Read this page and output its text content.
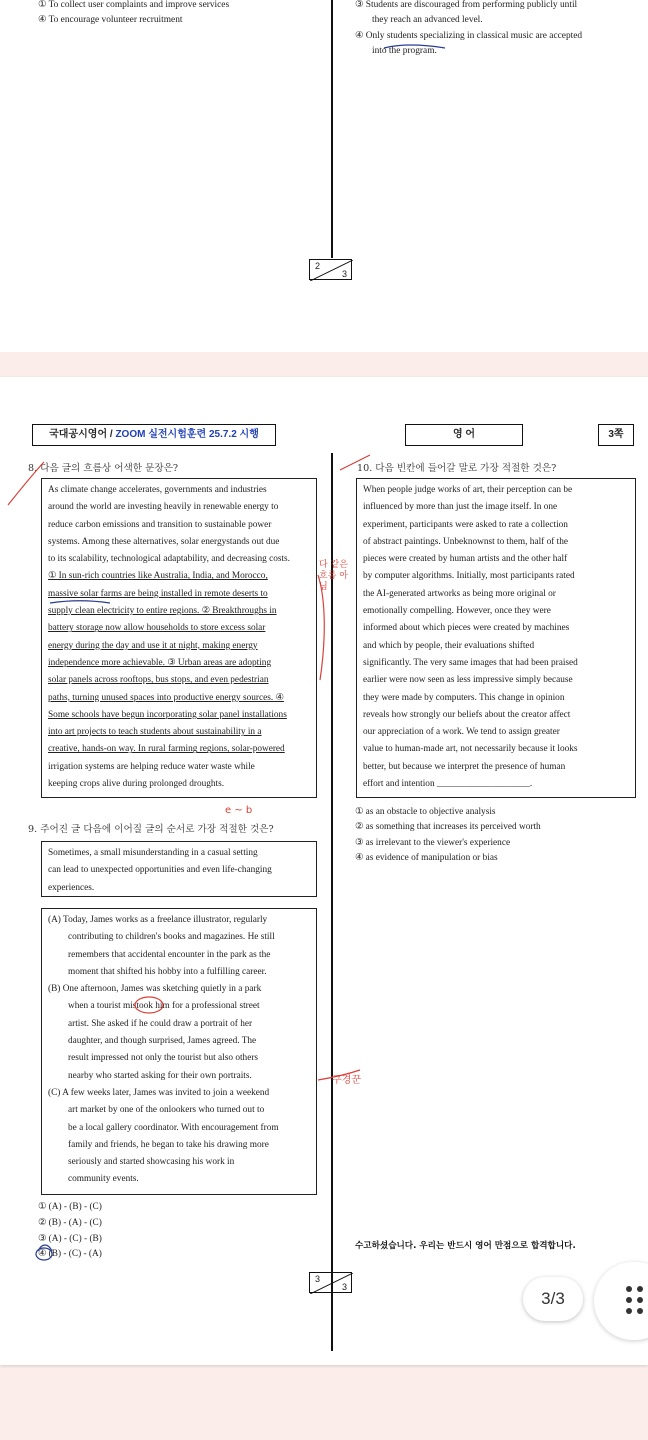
① To collect user complaints and improve services
④ To encourage volunteer recruitment
③ Students are discouraged from performing publicly until
they reach an advanced level.
④ Only students specializing in classical music are accepted
into the program.
2
3
국대공시영어 / ZOOM 실전시험훈련 25.7.2 시행	영 어	3쪽
8. 다음 글의 흐름상 어색한 문장은?
As climate change accelerates, governments and industries
around the world are investing heavily in renewable energy to
reduce carbon emissions and transition to sustainable power
systems. Among these alternatives, solar energystands out due
to its scalability, technological adaptability, and decreasing costs.
① In sun-rich countries like Australia, India, and Morocco,
massive solar farms are being installed in remote deserts to
supply clean electricity to entire regions. ② Breakthroughs in
battery storage now allow households to store excess solar
energy during the day and use it at night, making energy
independence more achievable. ③ Urban areas are adopting
solar panels across rooftops, bus stops, and even pedestrian
paths, turning unused spaces into productive energy sources. ④
Some schools have begun incorporating solar panel installations
into art projects to teach students about sustainability in a
creative, hands-on way. In rural farming regions, solar-powered
irrigation systems are helping reduce water waste while
keeping crops alive during prolonged droughts.
9. 주어진 글 다음에 이어질 글의 순서로 가장 적절한 것은?
Sometimes, a small misunderstanding in a casual setting
can lead to unexpected opportunities and even life-changing
experiences.
(A) Today, James works as a freelance illustrator, regularly
contributing to children's books and magazines. He still
remembers that accidental encounter in the park as the
moment that shifted his hobby into a fulfilling career.
(B) One afternoon, James was sketching quietly in a park
when a tourist mistook him for a professional street
artist. She asked if he could draw a portrait of her
daughter, and though surprised, James agreed. The
result impressed not only the tourist but also others
nearby who started asking for their own portraits.
(C) A few weeks later, James was invited to join a weekend
art market by one of the onlookers who turned out to
be a local gallery coordinator. With encouragement from
family and friends, he began to take his drawing more
seriously and started showcasing his work in
community events.
① (A) - (B) - (C)
② (B) - (A) - (C)
③ (A) - (C) - (B)
④ (B) - (C) - (A)
10. 다음 빈칸에 들어갈 말로 가장 적절한 것은?
When people judge works of art, their perception can be
influenced by more than just the image itself. In one
experiment, participants were asked to rate a collection
of abstract paintings. Unbeknownst to them, half of the
pieces were created by human artists and the other half
by computer algorithms. Initially, most participants rated
the AI-generated artworks as being more original or
emotionally compelling. However, once they were
informed about which pieces were created by machines
and which by people, their evaluations shifted
significantly. The very same images that had been praised
earlier were now seen as less impressive simply because
they were made by computers. This change in opinion
reveals how strongly our beliefs about the creator affect
our appreciation of a work. We tend to assign greater
value to human-made art, not necessarily because it looks
better, but because we interpret the presence of human
effort and intention ____________________.
① as an obstacle to objective analysis
② as something that increases its perceived worth
③ as irrelevant to the viewer's experience
④ as evidence of manipulation or bias
3
3
수고하셨습니다. 우리는 반드시 영어 만점으로 합격합니다.
다 같은 흐름 아님
e ~ b
구경꾼
3/3
